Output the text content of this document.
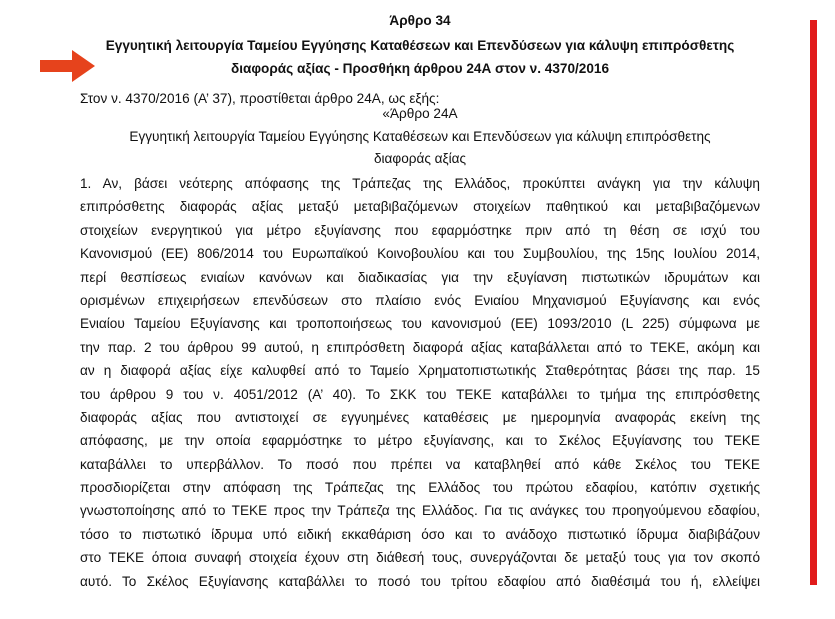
Άρθρο 34
Εγγυητική λειτουργία Ταμείου Εγγύησης Καταθέσεων και Επενδύσεων για κάλυψη επιπρόσθετης
διαφοράς αξίας - Προσθήκη άρθρου 24Α στον ν. 4370/2016
Στον ν. 4370/2016 (Α’ 37), προστίθεται άρθρο 24Α, ως εξής:
«Άρθρο 24Α
Εγγυητική λειτουργία Ταμείου Εγγύησης Καταθέσεων και Επενδύσεων για κάλυψη επιπρόσθετης
διαφοράς αξίας
1. Αν, βάσει νεότερης απόφασης της Τράπεζας της Ελλάδος, προκύπτει ανάγκη για την κάλυψη
επιπρόσθετης διαφοράς αξίας μεταξύ μεταβιβαζόμενων στοιχείων παθητικού και μεταβιβαζόμενων
στοιχείων ενεργητικού για μέτρο εξυγίανσης που εφαρμόστηκε πριν από τη θέση σε ισχύ του
Κανονισμού (ΕΕ) 806/2014 του Ευρωπαϊκού Κοινοβουλίου και του Συμβουλίου, της 15ης Ιουλίου 2014,
περί θεσπίσεως ενιαίων κανόνων και διαδικασίας για την εξυγίανση πιστωτικών ιδρυμάτων και
ορισμένων επιχειρήσεων επενδύσεων στο πλαίσιο ενός Ενιαίου Μηχανισμού Εξυγίανσης και ενός
Ενιαίου Ταμείου Εξυγίανσης και τροποποιήσεως του κανονισμού (ΕΕ) 1093/2010 (L 225) σύμφωνα με
την παρ. 2 του άρθρου 99 αυτού, η επιπρόσθετη διαφορά αξίας καταβάλλεται από το ΤΕΚΕ, ακόμη και
αν η διαφορά αξίας είχε καλυφθεί από το Ταμείο Χρηματοπιστωτικής Σταθερότητας βάσει της παρ. 15
του άρθρου 9 του ν. 4051/2012 (Α’ 40). Το ΣΚΚ του ΤΕΚΕ καταβάλλει το τμήμα της επιπρόσθετης
διαφοράς αξίας που αντιστοιχεί σε εγγυημένες καταθέσεις με ημερομηνία αναφοράς εκείνη της
απόφασης, με την οποία εφαρμόστηκε το μέτρο εξυγίανσης, και το Σκέλος Εξυγίανσης του ΤΕΚΕ
καταβάλλει το υπερβάλλον. Το ποσό που πρέπει να καταβληθεί από κάθε Σκέλος του ΤΕΚΕ
προσδιορίζεται στην απόφαση της Τράπεζας της Ελλάδος του πρώτου εδαφίου, κατόπιν σχετικής
γνωστοποίησης από το ΤΕΚΕ προς την Τράπεζα της Ελλάδος. Για τις ανάγκες του προηγούμενου εδαφίου,
τόσο το πιστωτικό ίδρυμα υπό ειδική εκκαθάριση όσο και το ανάδοχο πιστωτικό ίδρυμα διαβιβάζουν
στο ΤΕΚΕ όποια συναφή στοιχεία έχουν στη διάθεσή τους, συνεργάζονται δε μεταξύ τους για τον σκοπό
αυτό. Το Σκέλος Εξυγίανσης καταβάλλει το ποσό του τρίτου εδαφίου από διαθέσιμά του ή, ελλείψει
